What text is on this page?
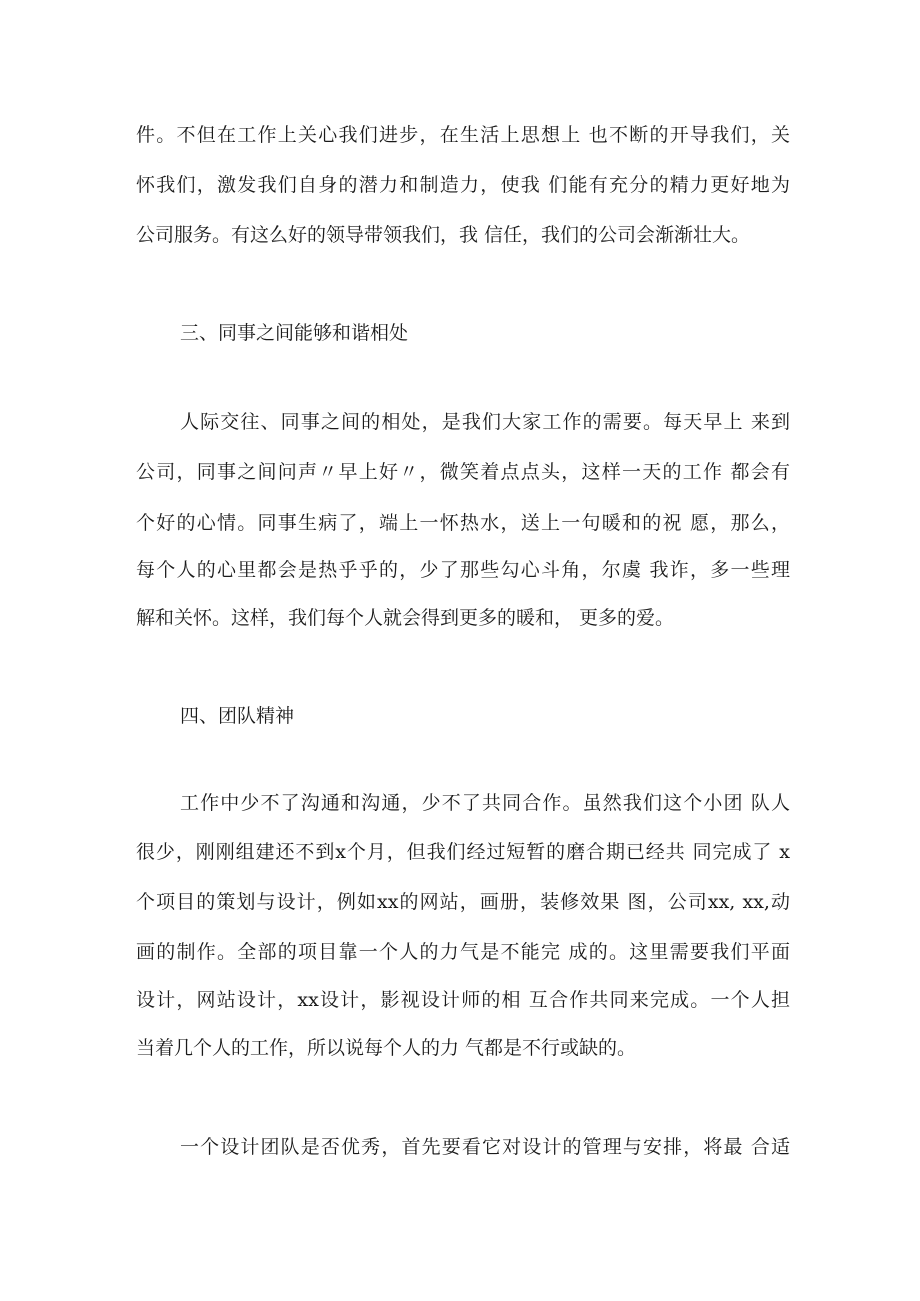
件。不但在工作上关心我们进步，在生活上思想上 也不断的开导我们，关
怀我们，激发我们自身的潜力和制造力，使我 们能有充分的精力更好地为
公司服务。有这么好的领导带领我们，我 信任，我们的公司会渐渐壮大。
三、同事之间能够和谐相处
人际交往、同事之间的相处，是我们大家工作的需要。每天早上 来到
公司，同事之间问声〃早上好〃，微笑着点点头，这样一天的工作 都会有
个好的心情。同事生病了，端上一怀热水，送上一句暖和的祝 愿，那么，
每个人的心里都会是热乎乎的，少了那些勾心斗角，尔虞 我诈，多一些理
解和关怀。这样，我们每个人就会得到更多的暖和， 更多的爱。
四、团队精神
工作中少不了沟通和沟通，少不了共同合作。虽然我们这个小团 队人
很少，刚刚组建还不到x个月，但我们经过短暂的磨合期已经共 同完成了 x
个项目的策划与设计，例如xx的网站，画册，装修效果 图，公司xx, xx,动
画的制作。全部的项目靠一个人的力气是不能完 成的。这里需要我们平面
设计，网站设计，xx设计，影视设计师的相 互合作共同来完成。一个人担
当着几个人的工作，所以说每个人的力 气都是不行或缺的。
一个设计团队是否优秀，首先要看它对设计的管理与安排，将最 合适
